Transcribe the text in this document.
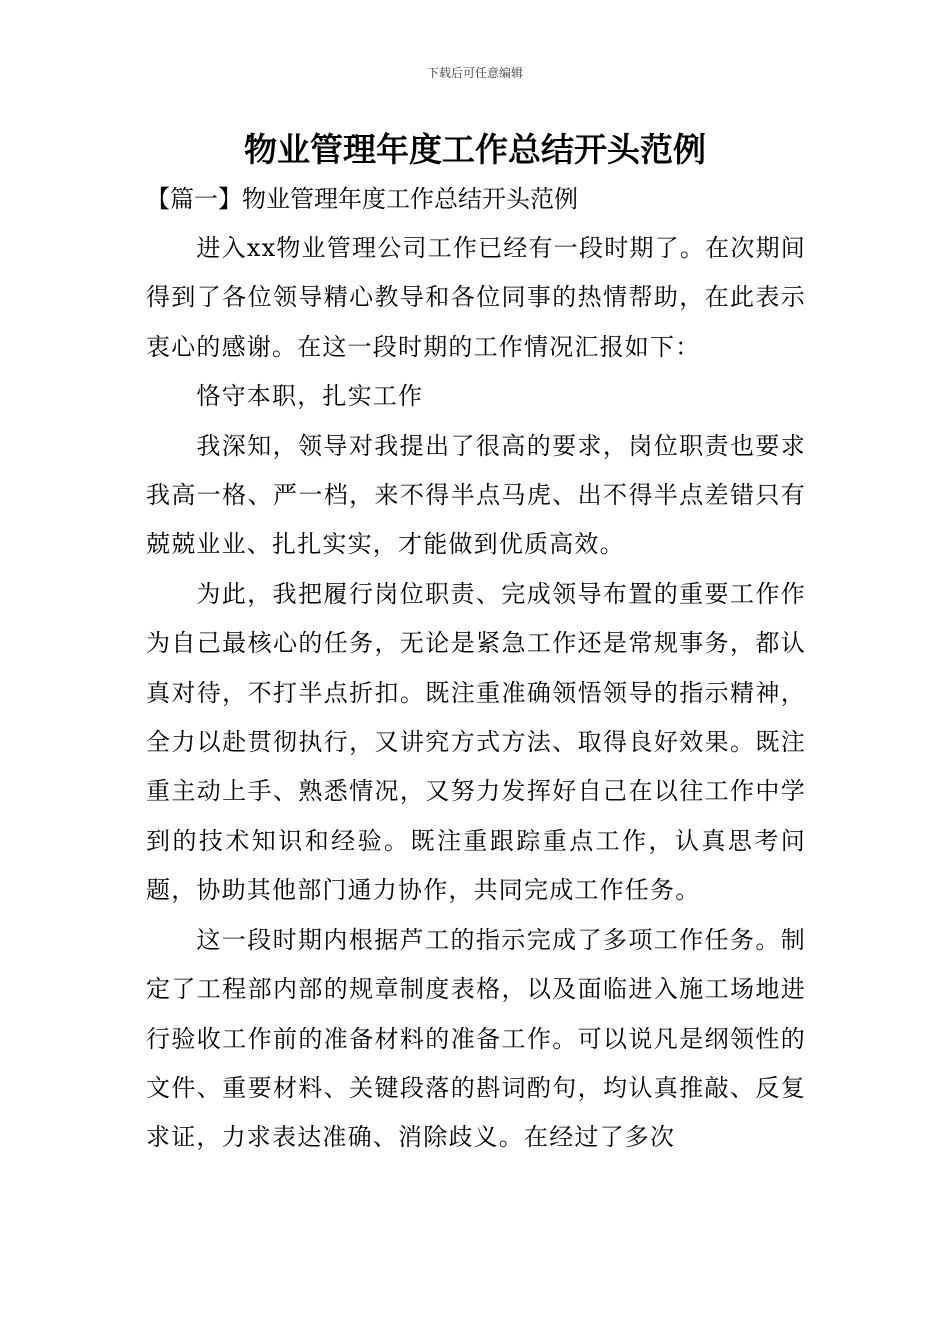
下载后可任意编辑
物业管理年度工作总结开头范例

【篇一】物业管理年度工作总结开头范例

进入xx物业管理公司工作已经有一段时期了。在次期间得到了各位领导精心教导和各位同事的热情帮助，在此表示衷心的感谢。在这一段时期的工作情况汇报如下：

恪守本职，扎实工作

我深知，领导对我提出了很高的要求，岗位职责也要求我高一格、严一档，来不得半点马虎、出不得半点差错只有兢兢业业、扎扎实实，才能做到优质高效。

为此，我把履行岗位职责、完成领导布置的重要工作作为自己最核心的任务，无论是紧急工作还是常规事务，都认真对待，不打半点折扣。既注重准确领悟领导的指示精神，全力以赴贯彻执行，又讲究方式方法、取得良好效果。既注重主动上手、熟悉情况，又努力发挥好自己在以往工作中学到的技术知识和经验。既注重跟踪重点工作，认真思考问题，协助其他部门通力协作，共同完成工作任务。

这一段时期内根据芦工的指示完成了多项工作任务。制定了工程部内部的规章制度表格，以及面临进入施工场地进行验收工作前的准备材料的准备工作。可以说凡是纲领性的文件、重要材料、关键段落的斟词酌句，均认真推敲、反复求证，力求表达准确、消除歧义。在经过了多次
